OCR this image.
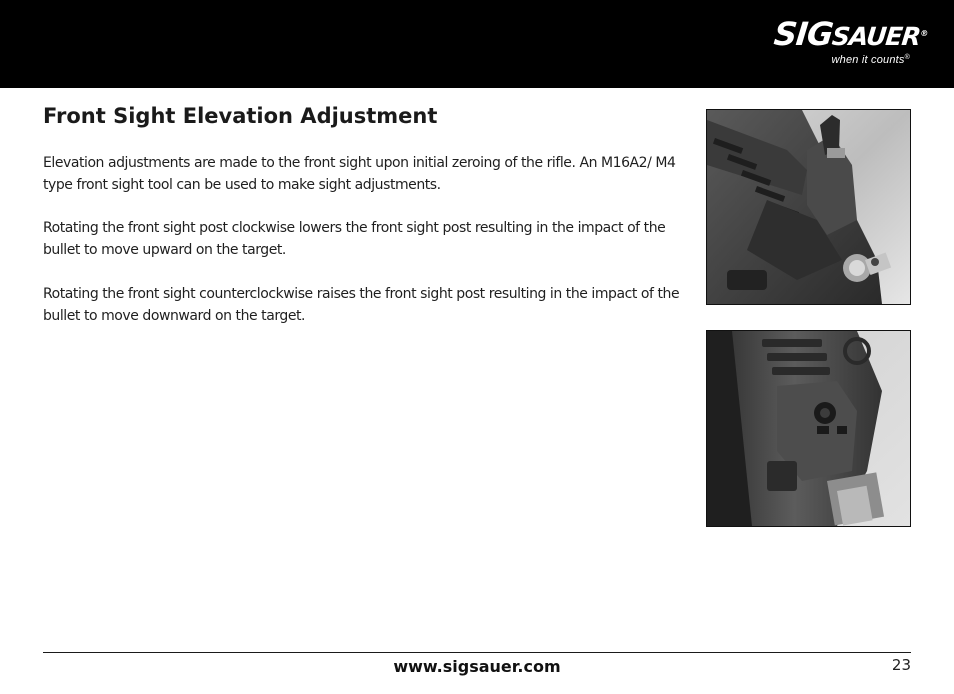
SIGSAUER®
when it counts®
Front Sight Elevation Adjustment

Elevation adjustments are made to the front sight upon initial zeroing of the rifle. An M16A2/ M4 type front sight tool can be used to make sight adjustments.

Rotating the front sight post clockwise lowers the front sight post resulting in the impact of the bullet to move upward on the target.

Rotating the front sight counterclockwise raises the front sight post resulting in the impact of the bullet to move downward on the target.

www.sigsauer.com	23
